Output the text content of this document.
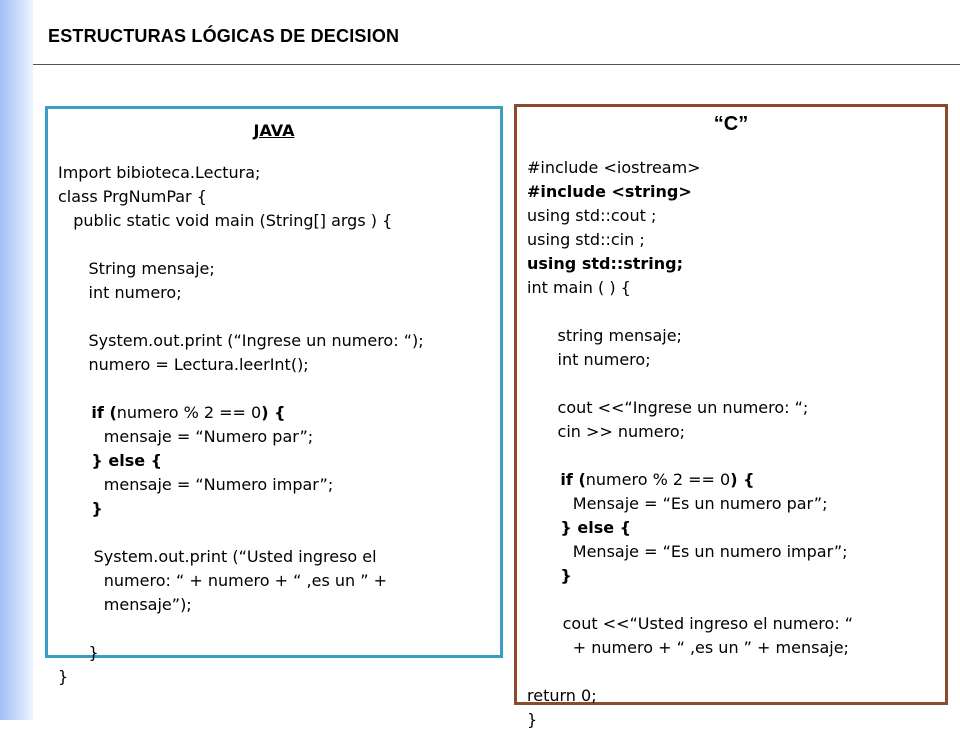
ESTRUCTURAS LÓGICAS DE DECISION
JAVA
Import bibioteca.Lectura;
class PrgNumPar {
public static void main (String[] args ) {
String mensaje;
int numero;
System.out.print (“Ingrese un numero: “);
numero = Lectura.leerInt();
if (numero % 2 == 0) {
mensaje = “Numero par”;
} else {
mensaje = “Numero impar”;
}
System.out.print (“Usted ingreso el
numero: “ + numero + “ ,es un ” +
mensaje”);
}
}
“C”
#include <iostream>
#include <string>
using std::cout ;
using std::cin ;
using std::string;
int main ( ) {
string mensaje;
int numero;
cout <<“Ingrese un numero: “;
cin >> numero;
if (numero % 2 == 0) {
Mensaje = “Es un numero par”;
} else {
Mensaje = “Es un numero impar”;
}
cout <<“Usted ingreso el numero: “
+ numero + “ ,es un ” + mensaje;
return 0;
}
